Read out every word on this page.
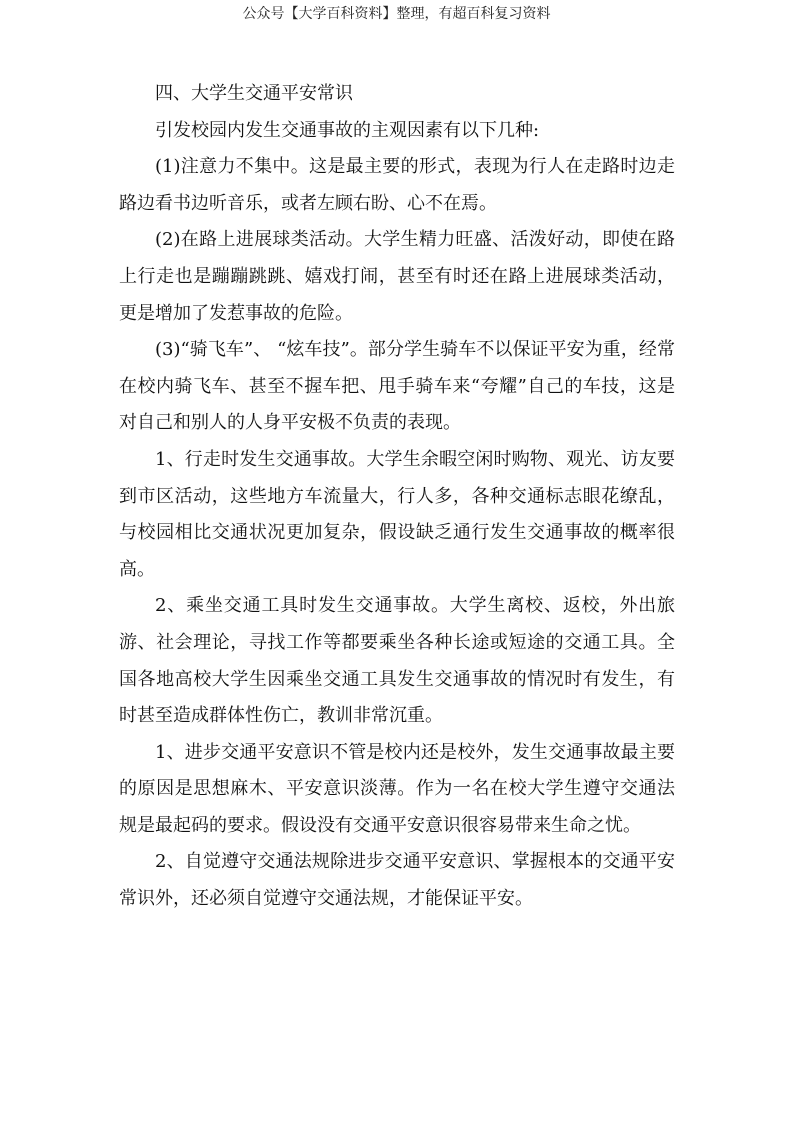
公众号【大学百科资料】整理，有超百科复习资料

四、大学生交通平安常识

引发校园内发生交通事故的主观因素有以下几种:

(1)注意力不集中。这是最主要的形式，表现为行人在走路时边走路边看书边听音乐，或者左顾右盼、心不在焉。

(2)在路上进展球类活动。大学生精力旺盛、活泼好动，即使在路上行走也是蹦蹦跳跳、嬉戏打闹，甚至有时还在路上进展球类活动，更是增加了发惹事故的危险。

(3)“骑飞车”、 “炫车技”。部分学生骑车不以保证平安为重，经常在校内骑飞车、甚至不握车把、甩手骑车来“夸耀”自己的车技，这是对自己和别人的人身平安极不负责的表现。

1、行走时发生交通事故。大学生余暇空闲时购物、观光、访友要到市区活动，这些地方车流量大，行人多，各种交通标志眼花缭乱，与校园相比交通状况更加复杂，假设缺乏通行发生交通事故的概率很高。

2、乘坐交通工具时发生交通事故。大学生离校、返校，外出旅游、社会理论，寻找工作等都要乘坐各种长途或短途的交通工具。全国各地高校大学生因乘坐交通工具发生交通事故的情况时有发生，有时甚至造成群体性伤亡，教训非常沉重。

1、进步交通平安意识不管是校内还是校外，发生交通事故最主要的原因是思想麻木、平安意识淡薄。作为一名在校大学生遵守交通法规是最起码的要求。假设没有交通平安意识很容易带来生命之忧。

2、自觉遵守交通法规除进步交通平安意识、掌握根本的交通平安常识外，还必须自觉遵守交通法规，才能保证平安。
